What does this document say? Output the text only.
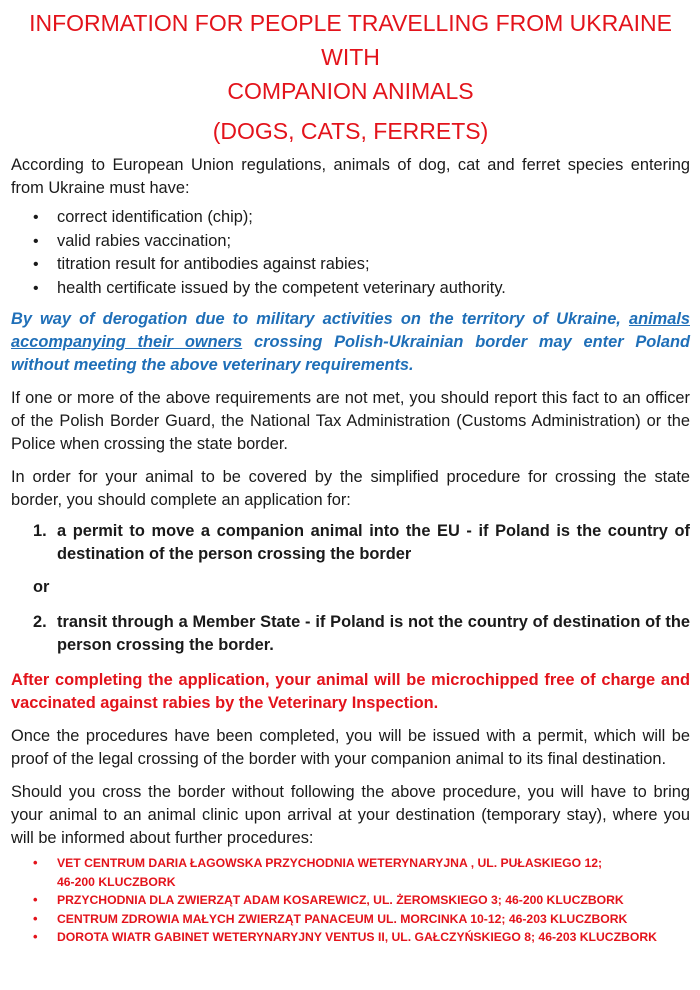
INFORMATION FOR PEOPLE TRAVELLING FROM UKRAINE WITH
COMPANION ANIMALS
(DOGS, CATS, FERRETS)

According to European Union regulations, animals of dog, cat and ferret species entering from Ukraine must have:

• correct identification (chip);
• valid rabies vaccination;
• titration result for antibodies against rabies;
• health certificate issued by the competent veterinary authority.

By way of derogation due to military activities on the territory of Ukraine, animals accompanying their owners crossing Polish-Ukrainian border may enter Poland without meeting the above veterinary requirements.

If one or more of the above requirements are not met, you should report this fact to an officer of the Polish Border Guard, the National Tax Administration (Customs Administration) or the Police when crossing the state border.

In order for your animal to be covered by the simplified procedure for crossing the state border, you should complete an application for:

1. a permit to move a companion animal into the EU - if Poland is the country of destination of the person crossing the border
or
2. transit through a Member State - if Poland is not the country of destination of the person crossing the border.

After completing the application, your animal will be microchipped free of charge and vaccinated against rabies by the Veterinary Inspection.

Once the procedures have been completed, you will be issued with a permit, which will be proof of the legal crossing of the border with your companion animal to its final destination.

Should you cross the border without following the above procedure, you will have to bring your animal to an animal clinic upon arrival at your destination (temporary stay), where you will be informed about further procedures:

• VET CENTRUM DARIA ŁAGOWSKA PRZYCHODNIA WETERYNARYJNA , UL. PUŁASKIEGO 12;
46-200 KLUCZBORK
• PRZYCHODNIA DLA ZWIERZĄT ADAM KOSAREWICZ, UL. ŻEROMSKIEGO 3; 46-200 KLUCZBORK
• CENTRUM ZDROWIA MAŁYCH ZWIERZĄT PANACEUM UL. MORCINKA 10-12; 46-203 KLUCZBORK
• DOROTA WIATR GABINET WETERYNARYJNY VENTUS II, UL. GAŁCZYŃSKIEGO 8; 46-203 KLUCZBORK
